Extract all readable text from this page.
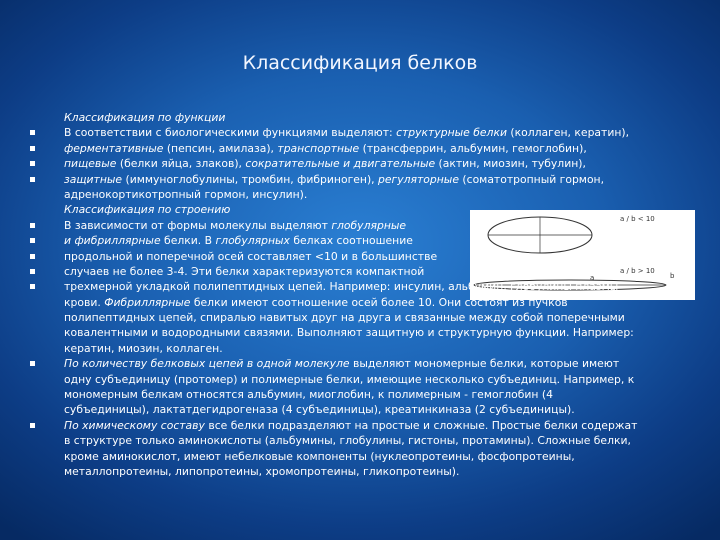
Классификация белков
a / b < 10
a / b > 10
a	b
Классификация по функции
В соответствии с биологическими функциями выделяют: структурные белки (коллаген, кератин),
ферментативные (пепсин, амилаза), транспортные (трансферрин, альбумин, гемоглобин),
пищевые (белки яйца, злаков), сократительные и двигательные (актин, миозин, тубулин),
защитные (иммуноглобулины, тромбин, фибриноген), регуляторные (соматотропный гормон,
адренокортикотропный гормон, инсулин).
Классификация по строению
В зависимости от формы молекулы выделяют глобулярные
и фибриллярные белки. В глобулярных белках соотношение
продольной и поперечной осей составляет <10 и в большинстве
случаев не более 3-4. Эти белки характеризуются компактной
трехмерной укладкой полипептидных цепей. Например: инсулин, альбумин, глобулины плазмы
крови. Фибриллярные белки имеют соотношение осей более 10. Они состоят из пучков
полипептидных цепей, спиралью навитых друг на друга и связанные между собой поперечными
ковалентными и водородными связями. Выполняют защитную и структурную функции. Например:
кератин, миозин, коллаген.
По количеству белковых цепей в одной молекуле выделяют мономерные белки, которые имеют
одну субъединицу (протомер) и полимерные белки, имеющие несколько субъединиц. Например, к
мономерным белкам относятся альбумин, миоглобин, к полимерным - гемоглобин (4
субъединицы), лактатдегидрогеназа (4 субъединицы), креатинкиназа (2 субъединицы).
По химическому составу все белки подразделяют на простые и сложные. Простые белки содержат
в структуре только аминокислоты (альбумины, глобулины, гистоны, протамины). Сложные белки,
кроме аминокислот, имеют небелковые компоненты (нуклеопротеины, фосфопротеины,
металлопротеины, липопротеины, хромопротеины, гликопротеины).
